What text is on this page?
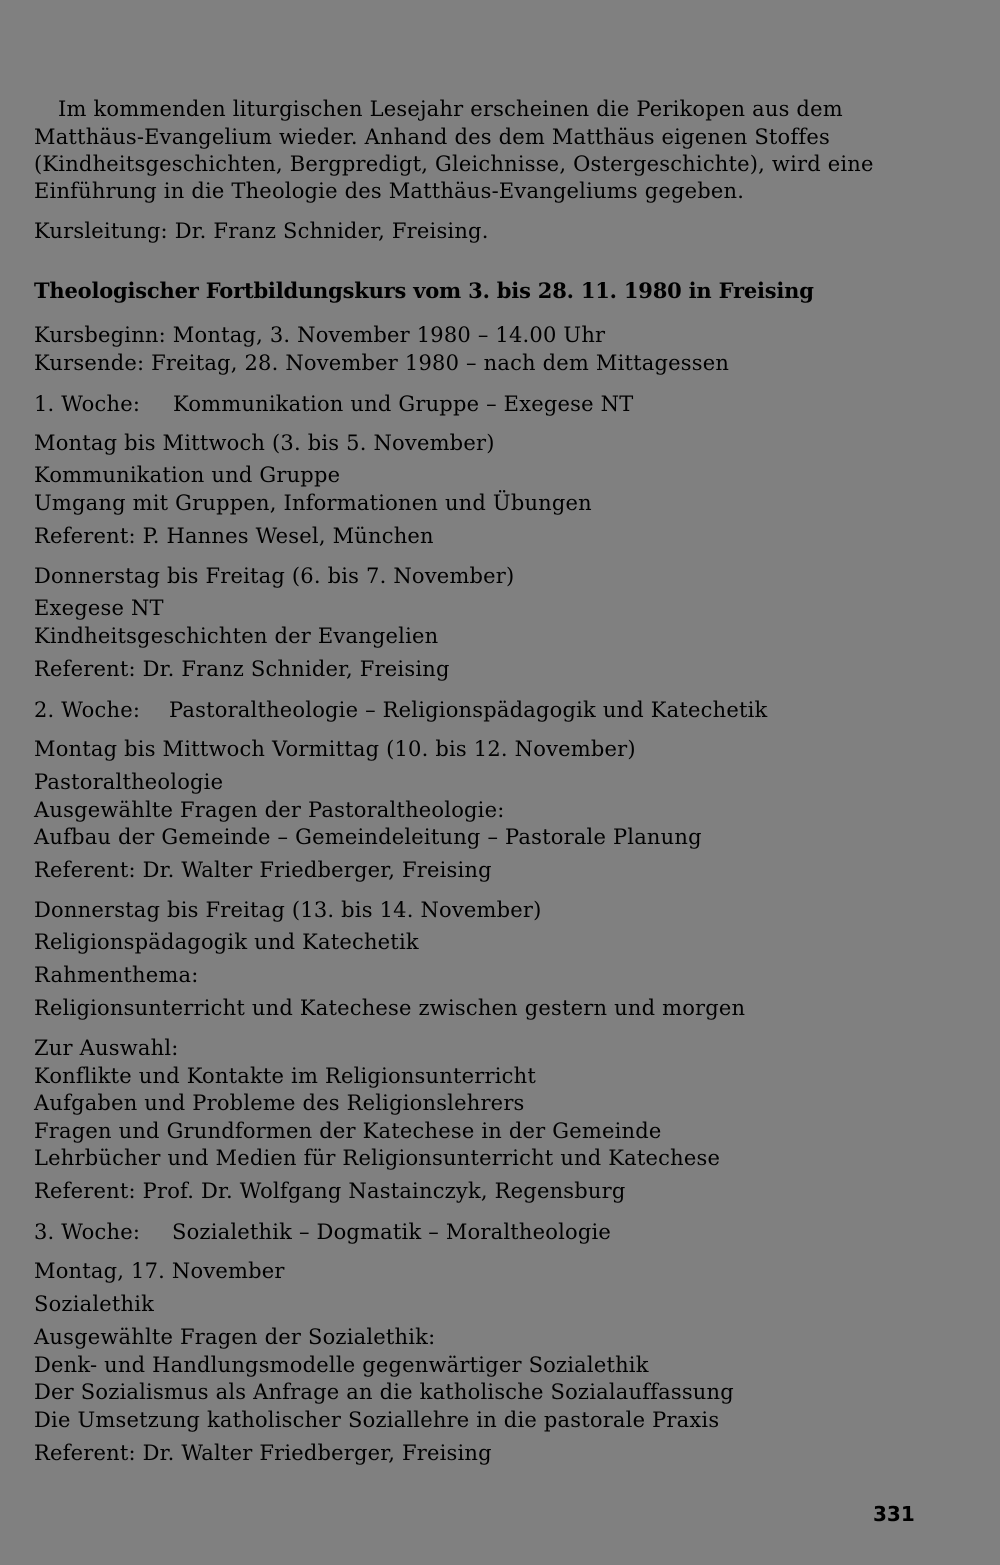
Im kommenden liturgischen Lesejahr erscheinen die Perikopen aus dem

Matthäus-Evangelium wieder. Anhand des dem Matthäus eigenen Stoffes

(Kindheitsgeschichten, Bergpredigt, Gleichnisse, Ostergeschichte), wird eine

Einführung in die Theologie des Matthäus-Evangeliums gegeben.

Kursleitung: Dr. Franz Schnider, Freising.

Theologischer Fortbildungskurs vom 3. bis 28. 11. 1980 in Freising

Kursbeginn: Montag, 3. November 1980 – 14.00 Uhr

Kursende: Freitag, 28. November 1980 – nach dem Mittagessen

1. Woche: Kommunikation und Gruppe – Exegese NT

Montag bis Mittwoch (3. bis 5. November)

Kommunikation und Gruppe

Umgang mit Gruppen, Informationen und Übungen

Referent: P. Hannes Wesel, München

Donnerstag bis Freitag (6. bis 7. November)

Exegese NT

Kindheitsgeschichten der Evangelien

Referent: Dr. Franz Schnider, Freising

2. Woche: Pastoraltheologie – Religionspädagogik und Katechetik

Montag bis Mittwoch Vormittag (10. bis 12. November)

Pastoraltheologie

Ausgewählte Fragen der Pastoraltheologie:

Aufbau der Gemeinde – Gemeindeleitung – Pastorale Planung

Referent: Dr. Walter Friedberger, Freising

Donnerstag bis Freitag (13. bis 14. November)

Religionspädagogik und Katechetik

Rahmenthema:

Religionsunterricht und Katechese zwischen gestern und morgen

Zur Auswahl:

Konflikte und Kontakte im Religionsunterricht

Aufgaben und Probleme des Religionslehrers

Fragen und Grundformen der Katechese in der Gemeinde

Lehrbücher und Medien für Religionsunterricht und Katechese

Referent: Prof. Dr. Wolfgang Nastainczyk, Regensburg

3. Woche: Sozialethik – Dogmatik – Moraltheologie

Montag, 17. November

Sozialethik

Ausgewählte Fragen der Sozialethik:

Denk- und Handlungsmodelle gegenwärtiger Sozialethik

Der Sozialismus als Anfrage an die katholische Sozialauffassung

Die Umsetzung katholischer Soziallehre in die pastorale Praxis

Referent: Dr. Walter Friedberger, Freising

331
